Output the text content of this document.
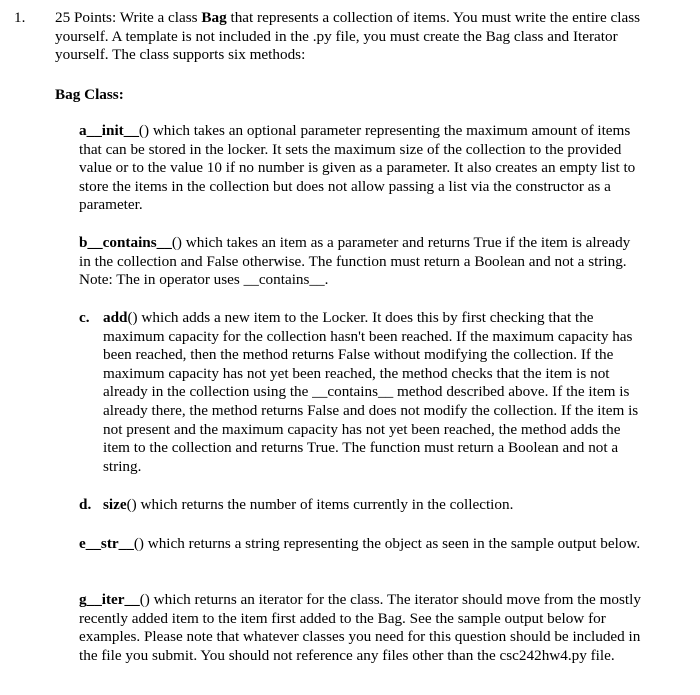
1. 25 Points: Write a class Bag that represents a collection of items. You must write the entire class yourself. A template is not included in the .py file, you must create the Bag class and Iterator yourself. The class supports six methods:
Bag Class:
a__init__() which takes an optional parameter representing the maximum amount of items that can be stored in the locker. It sets the maximum size of the collection to the provided value or to the value 10 if no number is given as a parameter. It also creates an empty list to store the items in the collection but does not allow passing a list via the constructor as a parameter.
b__contains__() which takes an item as a parameter and returns True if the item is already in the collection and False otherwise. The function must return a Boolean and not a string. Note: The in operator uses __contains__.
c. add() which adds a new item to the Locker. It does this by first checking that the maximum capacity for the collection hasn't been reached. If the maximum capacity has been reached, then the method returns False without modifying the collection. If the maximum capacity has not yet been reached, the method checks that the item is not already in the collection using the __contains__ method described above. If the item is already there, the method returns False and does not modify the collection. If the item is not present and the maximum capacity has not yet been reached, the method adds the item to the collection and returns True. The function must return a Boolean and not a string.
d. size() which returns the number of items currently in the collection.
e__str__() which returns a string representing the object as seen in the sample output below.
g__iter__() which returns an iterator for the class. The iterator should move from the mostly recently added item to the item first added to the Bag. See the sample output below for examples. Please note that whatever classes you need for this question should be included in the file you submit. You should not reference any files other than the csc242hw4.py file.
